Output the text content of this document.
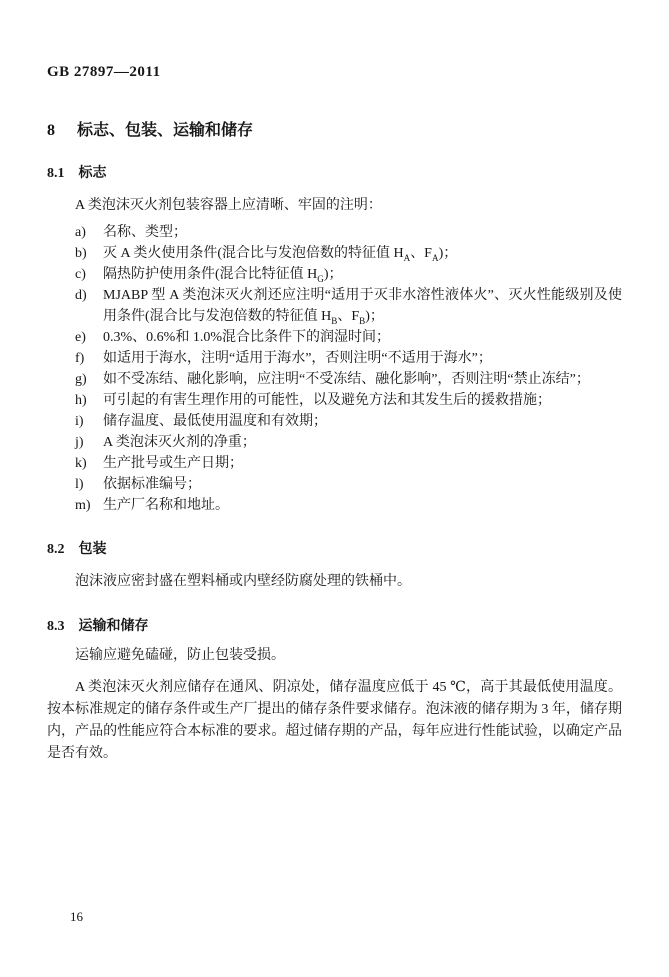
GB 27897—2011
8 标志、包装、运输和储存
8.1 标志
A 类泡沫灭火剂包装容器上应清晰、牢固的注明：
a)	名称、类型；
b)	灭 A 类火使用条件(混合比与发泡倍数的特征值 $H_A$、$F_A$)；
c)	隔热防护使用条件(混合比特征值 $H_G$)；
d)	MJABP 型 A 类泡沫灭火剂还应注明“适用于灭非水溶性液体火”、灭火性能级别及使用条件(混合比与发泡倍数的特征值 $H_B$、$F_B$)；
e)	0.3%、0.6%和 1.0%混合比条件下的润湿时间；
f)	如适用于海水，注明“适用于海水”，否则注明“不适用于海水”；
g)	如不受冻结、融化影响，应注明“不受冻结、融化影响”，否则注明“禁止冻结”；
h)	可引起的有害生理作用的可能性，以及避免方法和其发生后的援救措施；
i)	储存温度、最低使用温度和有效期；
j)	A 类泡沫灭火剂的净重；
k)	生产批号或生产日期；
l)	依据标准编号；
m) 生产厂名称和地址。
8.2 包装
泡沫液应密封盛在塑料桶或内壁经防腐处理的铁桶中。
8.3 运输和储存
运输应避免磕碰，防止包装受损。
A 类泡沫灭火剂应储存在通风、阴凉处，储存温度应低于 45 ℃，高于其最低使用温度。按本标准规定的储存条件或生产厂提出的储存条件要求储存。泡沫液的储存期为 3 年，储存期内，产品的性能应符合本标准的要求。超过储存期的产品，每年应进行性能试验，以确定产品是否有效。
16
